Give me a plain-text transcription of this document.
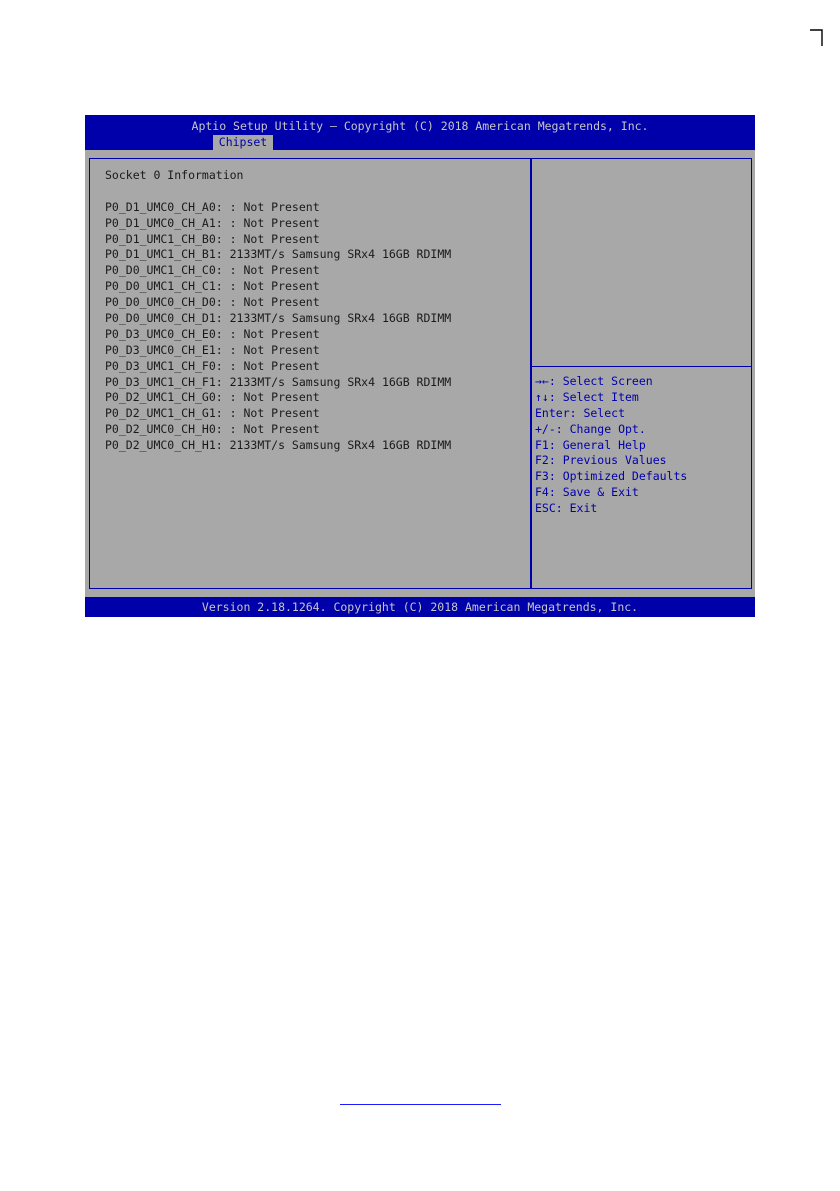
Aptio Setup Utility – Copyright (C) 2018 American Megatrends, Inc.
Chipset
Socket 0 Information
P0_D1_UMC0_CH_A0: : Not Present
P0_D1_UMC0_CH_A1: : Not Present
P0_D1_UMC1_CH_B0: : Not Present
P0_D1_UMC1_CH_B1: 2133MT/s Samsung SRx4 16GB RDIMM
P0_D0_UMC1_CH_C0: : Not Present
P0_D0_UMC1_CH_C1: : Not Present
P0_D0_UMC0_CH_D0: : Not Present
P0_D0_UMC0_CH_D1: 2133MT/s Samsung SRx4 16GB RDIMM
P0_D3_UMC0_CH_E0: : Not Present
P0_D3_UMC0_CH_E1: : Not Present
P0_D3_UMC1_CH_F0: : Not Present
P0_D3_UMC1_CH_F1: 2133MT/s Samsung SRx4 16GB RDIMM
P0_D2_UMC1_CH_G0: : Not Present
P0_D2_UMC1_CH_G1: : Not Present
P0_D2_UMC0_CH_H0: : Not Present
P0_D2_UMC0_CH_H1: 2133MT/s Samsung SRx4 16GB RDIMM
→←: Select Screen
↑↓: Select Item
Enter: Select
+/-: Change Opt.
F1: General Help
F2: Previous Values
F3: Optimized Defaults
F4: Save & Exit
ESC: Exit
Version 2.18.1264. Copyright (C) 2018 American Megatrends, Inc.
